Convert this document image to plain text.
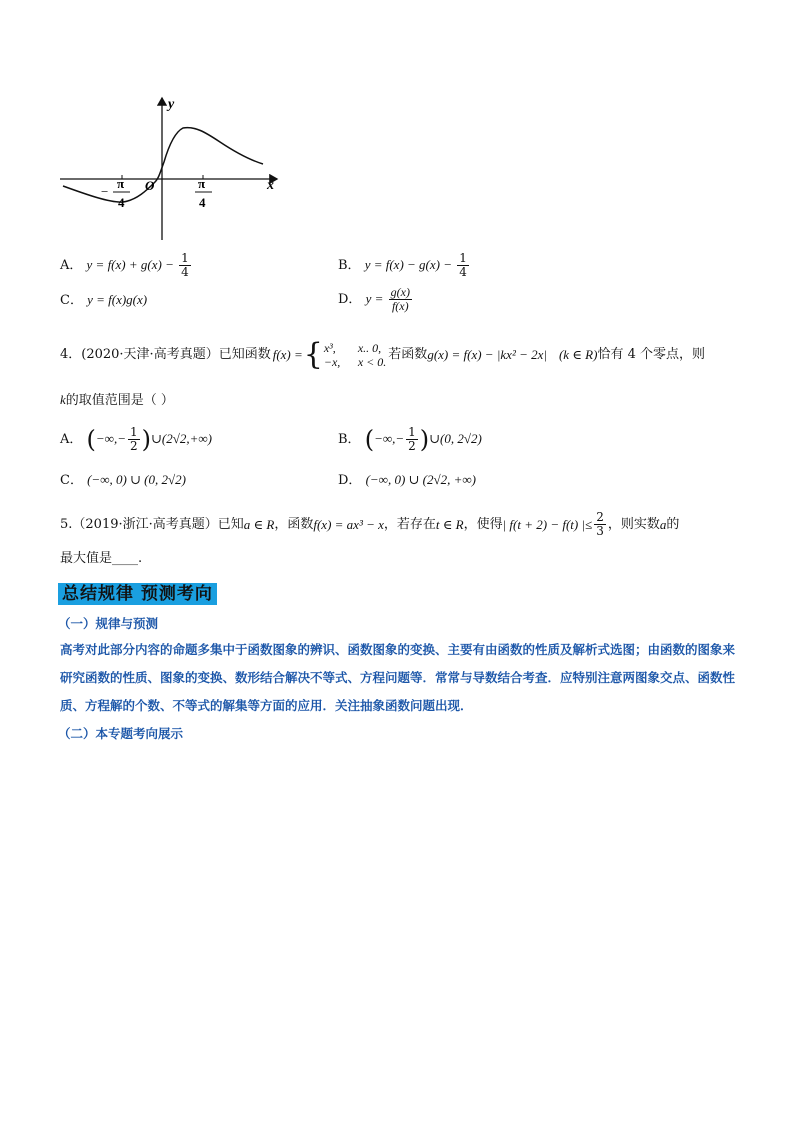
y
x
O
−
π
4
π
4
A． $y = f(x) + g(x) - \frac{1}{4}$	B． $y = f(x) - g(x) - \frac{1}{4}$
C． y = f(x)g(x)	D． $y = \frac{g(x)}{f(x)}$
4．(2020·天津·高考真题）已知函数 f(x) = { x³, x.. 0,
−x, x < 0. 若函数 g(x) = f(x) − |kx² − 2x| (k ∈ R) 恰有 4 个零点，则
k的取值范围是（ ）
A． (−∞,− $\frac{1}{2}$ )∪(2√2,+∞)	B． (−∞,− $\frac{1}{2}$ )∪(0, 2√2)
C． (−∞, 0) ∪ (0, 2√2)	D． (−∞, 0) ∪ (2√2, +∞)
5.（2019·浙江·高考真题）已知 a ∈ R ，函数 f(x) = ax³ − x ，若存在 t ∈ R ，使得 | f(t + 2) − f(t) |≤ $\frac{2}{3}$ ，则实数 a 的
最大值是____.
总结规律 预测考向
（一）规律与预测
高考对此部分内容的命题多集中于函数图象的辨识、函数图象的变换、主要有由函数的性质及解析式选图；由函数的图象来研究函数的性质、图象的变换、数形结合解决不等式、方程问题等．常常与导数结合考查．应特别注意两图象交点、函数性质、方程解的个数、不等式的解集等方面的应用．关注抽象函数问题出现．
（二）本专题考向展示
